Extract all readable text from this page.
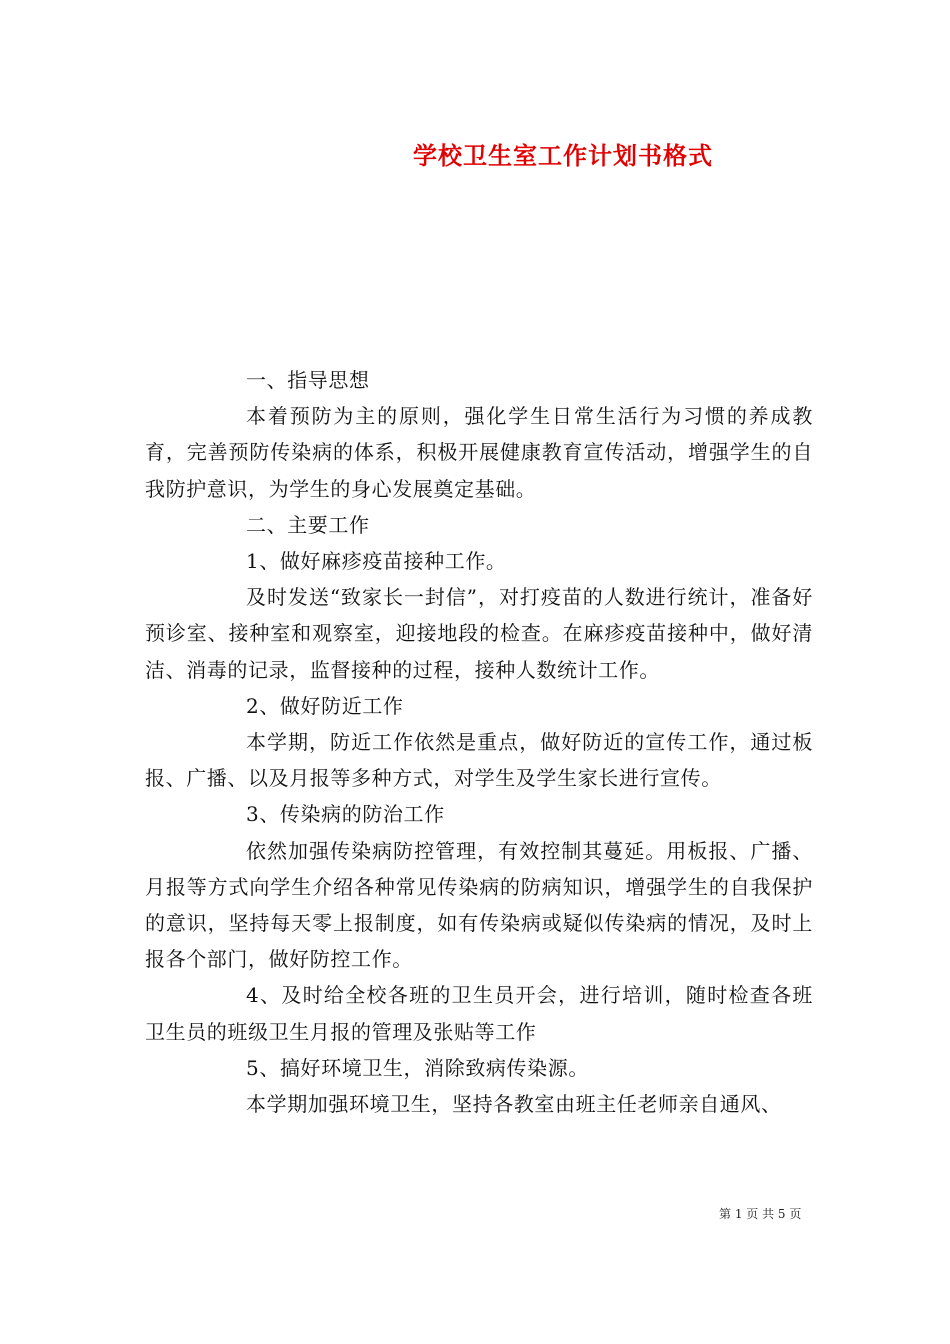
学校卫生室工作计划书格式

一、指导思想

本着预防为主的原则，强化学生日常生活行为习惯的养成教育，完善预防传染病的体系，积极开展健康教育宣传活动，增强学生的自我防护意识，为学生的身心发展奠定基础。

二、主要工作

1、做好麻疹疫苗接种工作。

及时发送“致家长一封信”，对打疫苗的人数进行统计，准备好预诊室、接种室和观察室，迎接地段的检查。在麻疹疫苗接种中，做好清洁、消毒的记录，监督接种的过程，接种人数统计工作。

2、做好防近工作

本学期，防近工作依然是重点，做好防近的宣传工作，通过板报、广播、以及月报等多种方式，对学生及学生家长进行宣传。

3、传染病的防治工作

依然加强传染病防控管理，有效控制其蔓延。用板报、广播、月报等方式向学生介绍各种常见传染病的防病知识，增强学生的自我保护的意识，坚持每天零上报制度，如有传染病或疑似传染病的情况，及时上报各个部门，做好防控工作。

4、及时给全校各班的卫生员开会，进行培训，随时检查各班卫生员的班级卫生月报的管理及张贴等工作

5、搞好环境卫生，消除致病传染源。

本学期加强环境卫生，坚持各教室由班主任老师亲自通风、

第 1 页 共 5 页
